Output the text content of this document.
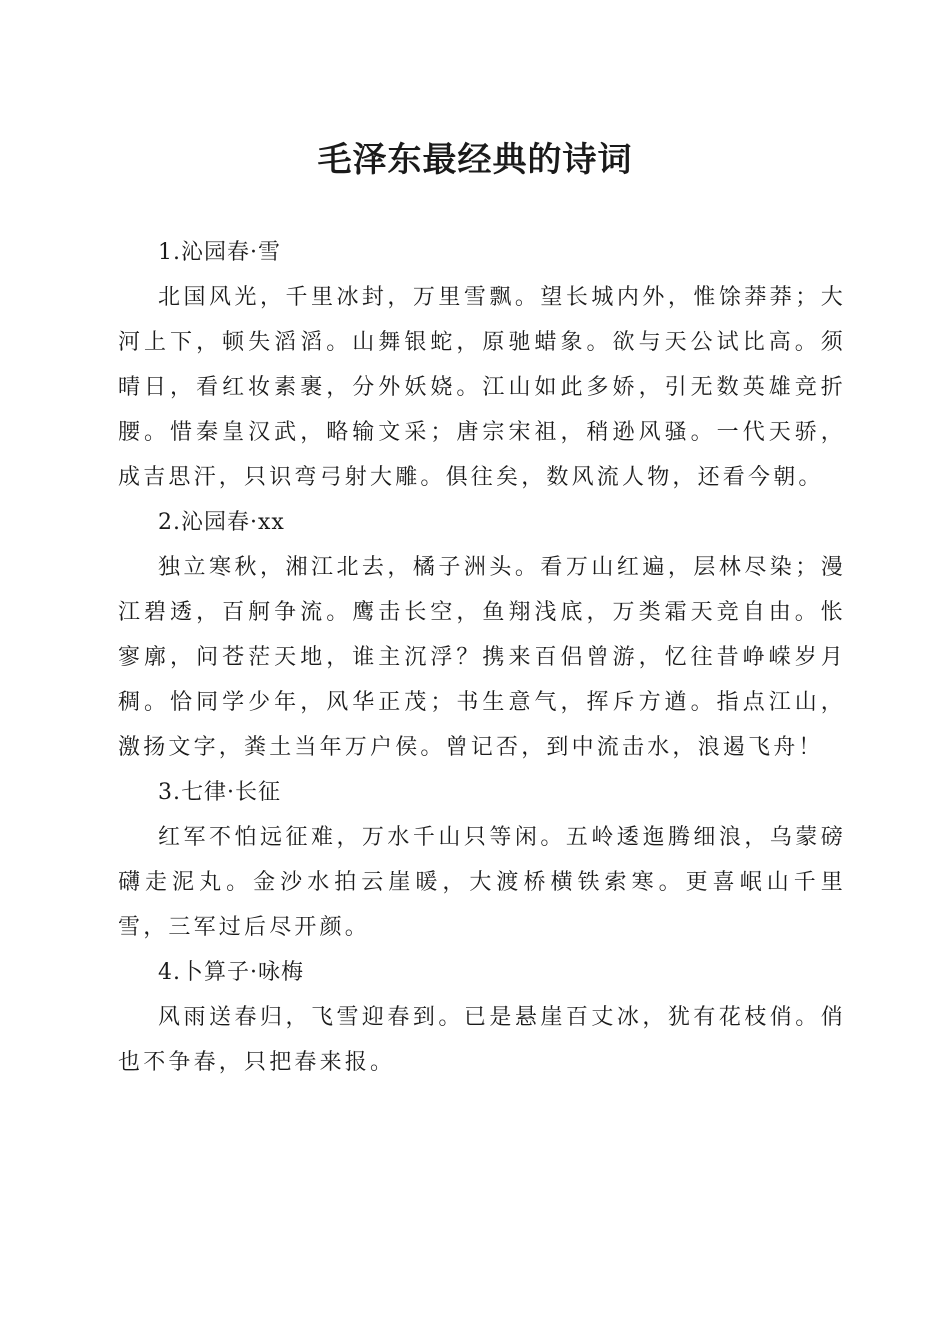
毛泽东最经典的诗词

1.沁园春·雪

北国风光，千里冰封，万里雪飘。望长城内外，惟馀莽莽；大河上下，顿失滔滔。山舞银蛇，原驰蜡象。欲与天公试比高。须晴日，看红妆素裹，分外妖娆。江山如此多娇，引无数英雄竞折腰。惜秦皇汉武，略输文采；唐宗宋祖，稍逊风骚。一代天骄，成吉思汗，只识弯弓射大雕。俱往矣，数风流人物，还看今朝。

2.沁园春·xx

独立寒秋，湘江北去，橘子洲头。看万山红遍，层林尽染；漫江碧透，百舸争流。鹰击长空，鱼翔浅底，万类霜天竞自由。怅寥廓，问苍茫天地，谁主沉浮？携来百侣曾游，忆往昔峥嵘岁月稠。恰同学少年，风华正茂；书生意气，挥斥方遒。指点江山，激扬文字，粪土当年万户侯。曾记否，到中流击水，浪遏飞舟！

3.七律·长征

红军不怕远征难，万水千山只等闲。五岭逶迤腾细浪，乌蒙磅礴走泥丸。金沙水拍云崖暖，大渡桥横铁索寒。更喜岷山千里雪，三军过后尽开颜。

4.卜算子·咏梅

风雨送春归，飞雪迎春到。已是悬崖百丈冰，犹有花枝俏。俏也不争春，只把春来报。
